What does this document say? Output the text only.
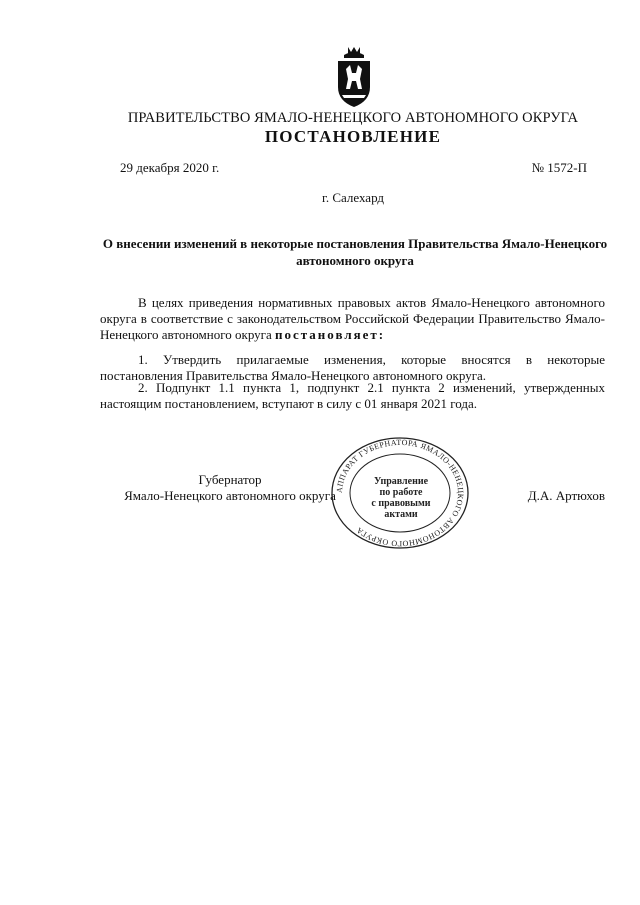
ПРАВИТЕЛЬСТВО ЯМАЛО-НЕНЕЦКОГО АВТОНОМНОГО ОКРУГА
ПОСТАНОВЛЕНИЕ
29 декабря 2020 г.	№ 1572-П
г. Салехард
О внесении изменений в некоторые постановления Правительства Ямало-Ненецкого автономного округа
В целях приведения нормативных правовых актов Ямало-Ненецкого автономного округа в соответствие с законодательством Российской Федерации Правительство Ямало-Ненецкого автономного округа постановляет:
1. Утвердить прилагаемые изменения, которые вносятся в некоторые постановления Правительства Ямало-Ненецкого автономного округа.
2. Подпункт 1.1 пункта 1, подпункт 2.1 пункта 2 изменений, утвержденных настоящим постановлением, вступают в силу с 01 января 2021 года.
Губернатор
Ямало-Ненецкого автономного округа	Д.А. Артюхов
АППАРАТ ГУБЕРНАТОРА ЯМАЛО-НЕНЕЦКОГО АВТОНОМНОГО ОКРУГА
Управление
по работе
с правовыми
актами
